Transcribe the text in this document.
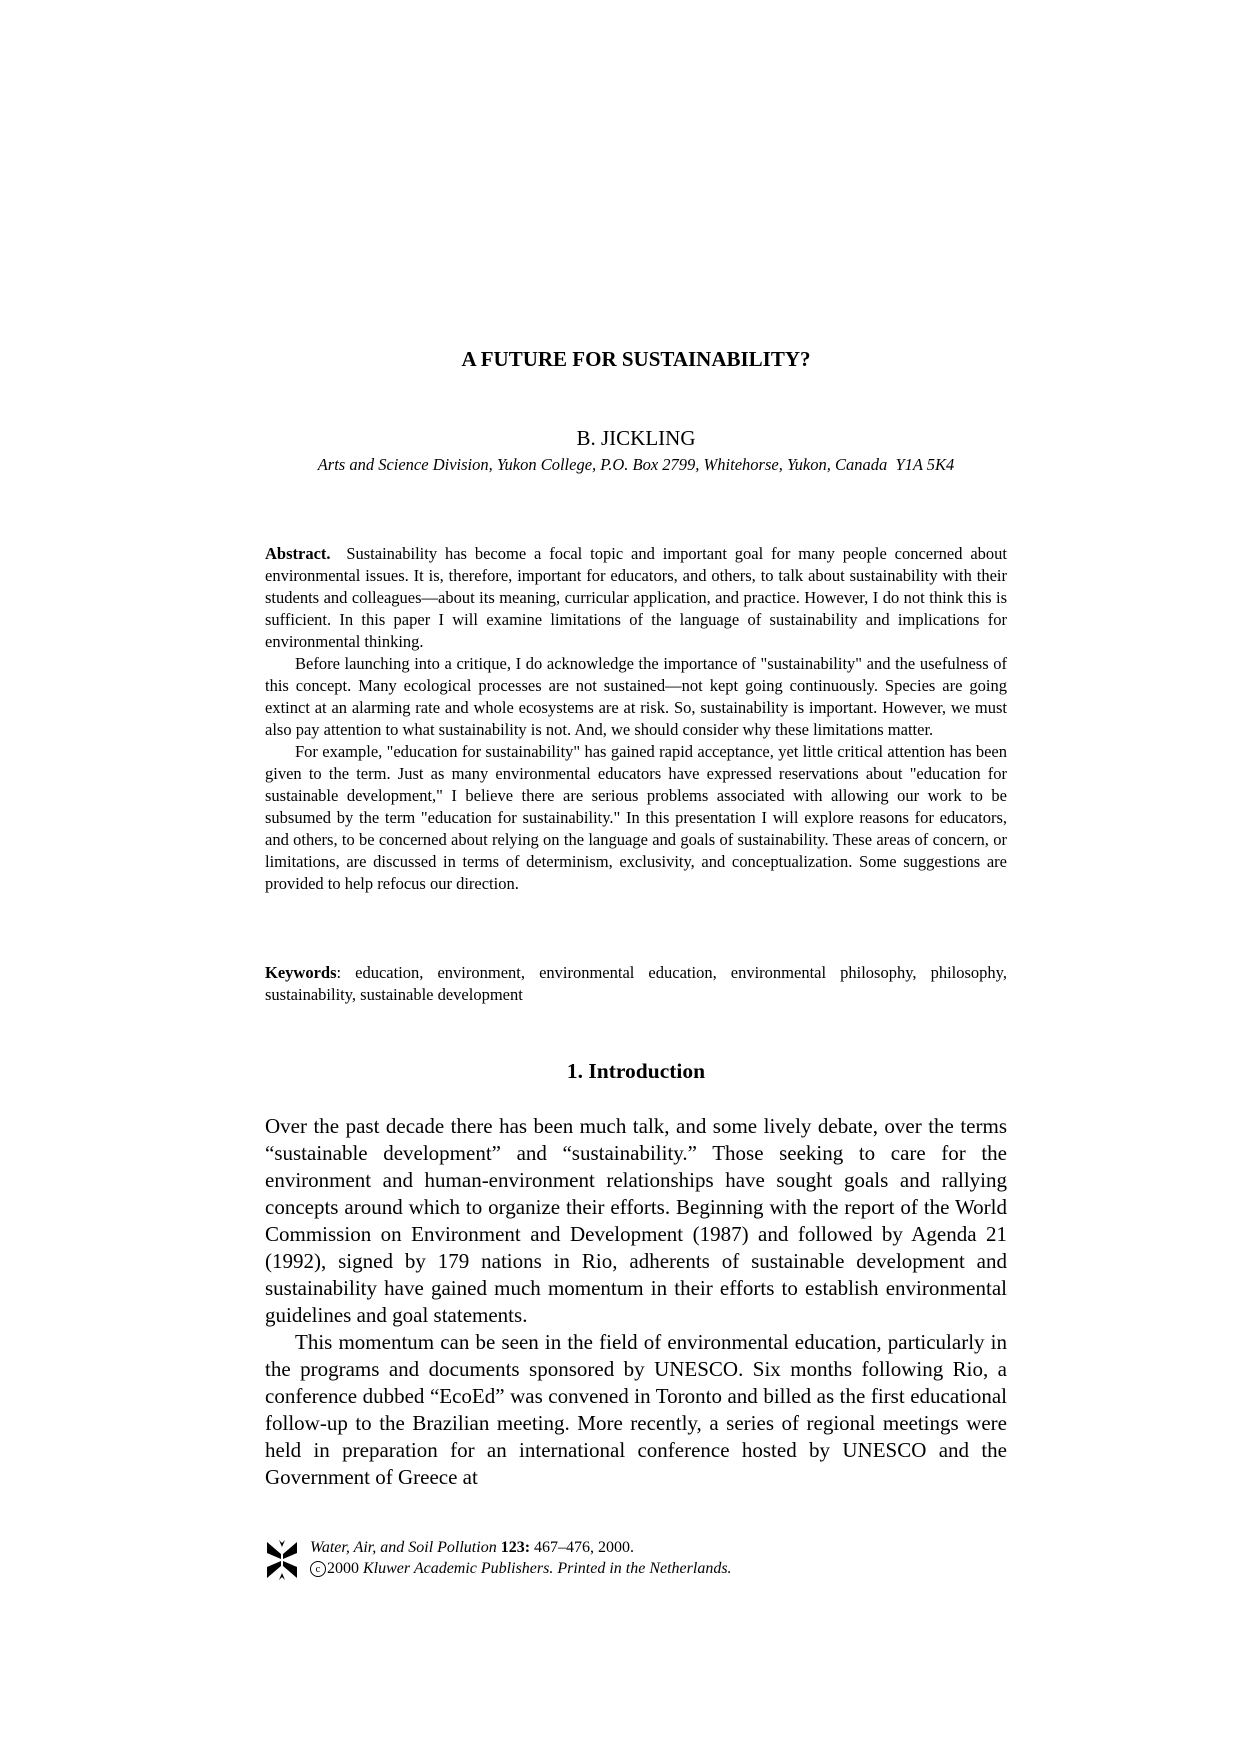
A FUTURE FOR SUSTAINABILITY?
B. JICKLING
Arts and Science Division, Yukon College, P.O. Box 2799, Whitehorse, Yukon, Canada  Y1A 5K4

Abstract. Sustainability has become a focal topic and important goal for many people concerned about environmental issues. It is, therefore, important for educators, and others, to talk about sustainability with their students and colleagues—about its meaning, curricular application, and practice. However, I do not think this is sufficient. In this paper I will examine limitations of the language of sustainability and implications for environmental thinking.

Before launching into a critique, I do acknowledge the importance of "sustainability" and the usefulness of this concept. Many ecological processes are not sustained—not kept going continuously. Species are going extinct at an alarming rate and whole ecosystems are at risk. So, sustainability is important. However, we must also pay attention to what sustainability is not. And, we should consider why these limitations matter.

For example, "education for sustainability" has gained rapid acceptance, yet little critical attention has been given to the term. Just as many environmental educators have expressed reservations about "education for sustainable development," I believe there are serious problems associated with allowing our work to be subsumed by the term "education for sustainability." In this presentation I will explore reasons for educators, and others, to be concerned about relying on the language and goals of sustainability. These areas of concern, or limitations, are discussed in terms of determinism, exclusivity, and conceptualization. Some suggestions are provided to help refocus our direction.

Keywords: education, environment, environmental education, environmental philosophy, philosophy, sustainability, sustainable development
1. Introduction

Over the past decade there has been much talk, and some lively debate, over the terms “sustainable development” and “sustainability.” Those seeking to care for the environment and human-environment relationships have sought goals and rallying concepts around which to organize their efforts. Beginning with the report of the World Commission on Environment and Development (1987) and followed by Agenda 21 (1992), signed by 179 nations in Rio, adherents of sustainable development and sustainability have gained much momentum in their efforts to establish environmental guidelines and goal statements.

This momentum can be seen in the field of environmental education, particularly in the programs and documents sponsored by UNESCO. Six months following Rio, a conference dubbed “EcoEd” was convened in Toronto and billed as the first educational follow-up to the Brazilian meeting. More recently, a series of regional meetings were held in preparation for an international conference hosted by UNESCO and the Government of Greece at

Water, Air, and Soil Pollution 123: 467–476, 2000.
c 2000 Kluwer Academic Publishers. Printed in the Netherlands.
